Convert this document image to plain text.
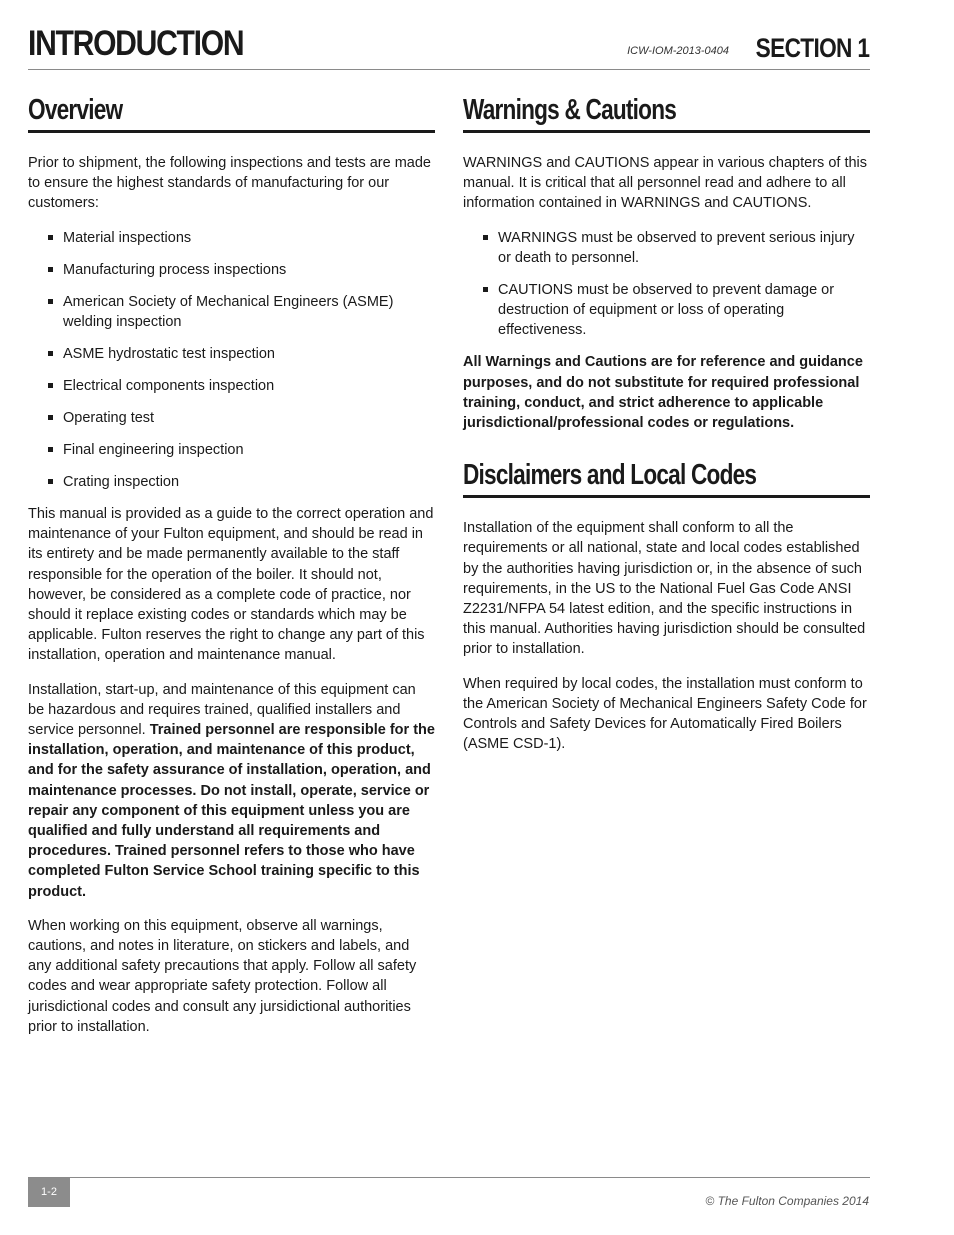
INTRODUCTION	ICW-IOM-2013-0404 SECTION 1
Overview

Prior to shipment, the following inspections and tests are made to ensure the highest standards of manufacturing for our customers:

Material inspections
Manufacturing process inspections
American Society of Mechanical Engineers (ASME) welding inspection
ASME hydrostatic test inspection
Electrical components inspection
Operating test
Final engineering inspection
Crating inspection

This manual is provided as a guide to the correct operation and maintenance of your Fulton equipment, and should be read in its entirety and be made permanently available to the staff responsible for the operation of the boiler. It should not, however, be considered as a complete code of practice, nor should it replace existing codes or standards which may be applicable. Fulton reserves the right to change any part of this installation, operation and maintenance manual.

Installation, start-up, and maintenance of this equipment can be hazardous and requires trained, qualified installers and service personnel. Trained personnel are responsible for the installation, operation, and maintenance of this product, and for the safety assurance of installation, operation, and maintenance processes. Do not install, operate, service or repair any component of this equipment unless you are qualified and fully understand all requirements and procedures. Trained personnel refers to those who have completed Fulton Service School training specific to this product.

When working on this equipment, observe all warnings, cautions, and notes in literature, on stickers and labels, and any additional safety precautions that apply. Follow all safety codes and wear appropriate safety protection. Follow all jurisdictional codes and consult any jursidictional authorities prior to installation.

Warnings & Cautions

WARNINGS and CAUTIONS appear in various chapters of this manual. It is critical that all personnel read and adhere to all information contained in WARNINGS and CAUTIONS.

WARNINGS must be observed to prevent serious injury or death to personnel.
CAUTIONS must be observed to prevent damage or destruction of equipment or loss of operating effectiveness.

All Warnings and Cautions are for reference and guidance purposes, and do not substitute for required professional training, conduct, and strict adherence to applicable jurisdictional/professional codes or regulations.

Disclaimers and Local Codes

Installation of the equipment shall conform to all the requirements or all national, state and local codes established by the authorities having jurisdiction or, in the absence of such requirements, in the US to the National Fuel Gas Code ANSI Z2231/NFPA 54 latest edition, and the specific instructions in this manual. Authorities having jurisdiction should be consulted prior to installation.

When required by local codes, the installation must conform to the American Society of Mechanical Engineers Safety Code for Controls and Safety Devices for Automatically Fired Boilers (ASME CSD-1).

1-2
© The Fulton Companies 2014
